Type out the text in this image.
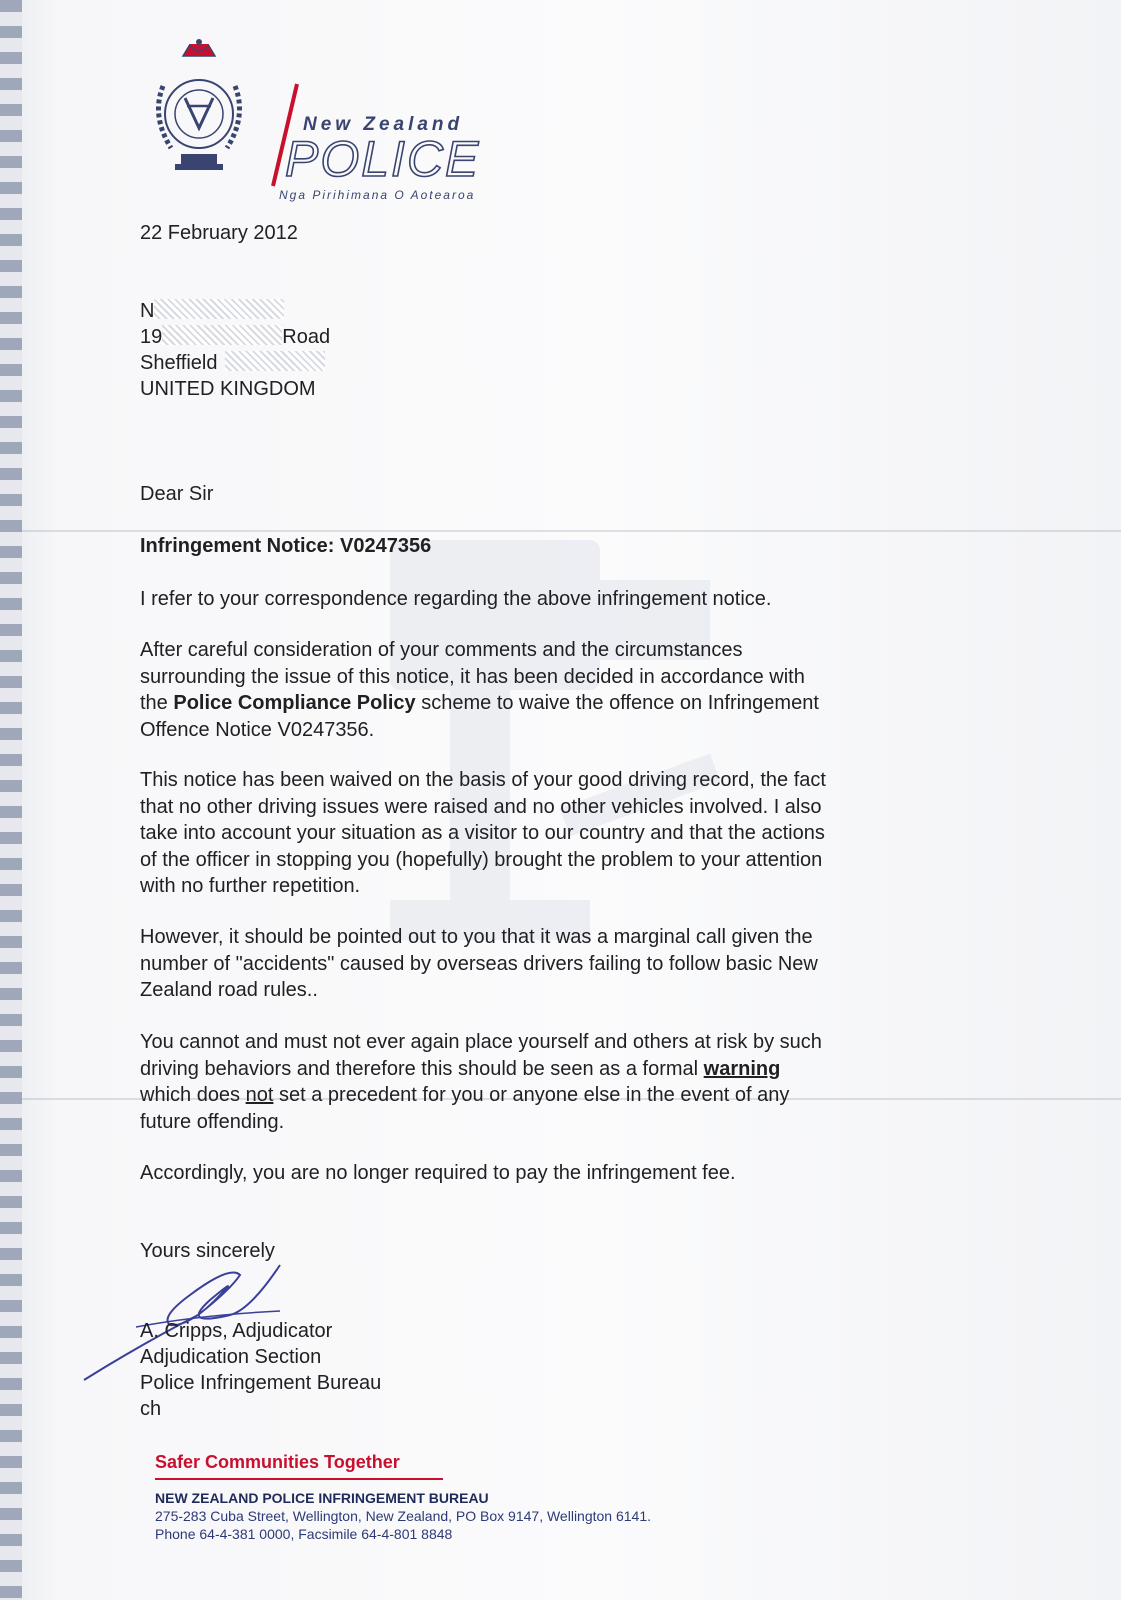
New Zealand
POLICE
Nga Pirihimana O Aotearoa
22 February 2012
N
19	Road
Sheffield
UNITED KINGDOM
Dear Sir
Infringement Notice: V0247356
I refer to your correspondence regarding the above infringement notice.
After careful consideration of your comments and the circumstances
surrounding the issue of this notice, it has been decided in accordance with
the Police Compliance Policy scheme to waive the offence on Infringement
Offence Notice V0247356.
This notice has been waived on the basis of your good driving record, the fact
that no other driving issues were raised and no other vehicles involved. I also
take into account your situation as a visitor to our country and that the actions
of the officer in stopping you (hopefully) brought the problem to your attention
with no further repetition.
However, it should be pointed out to you that it was a marginal call given the
number of "accidents" caused by overseas drivers failing to follow basic New
Zealand road rules..
You cannot and must not ever again place yourself and others at risk by such
driving behaviors and therefore this should be seen as a formal warning
which does not set a precedent for you or anyone else in the event of any
future offending.
Accordingly, you are no longer required to pay the infringement fee.
Yours sincerely
A. Cripps, Adjudicator
Adjudication Section
Police Infringement Bureau
ch
Safer Communities Together
NEW ZEALAND POLICE INFRINGEMENT BUREAU
275-283 Cuba Street, Wellington, New Zealand, PO Box 9147, Wellington 6141.
Phone 64-4-381 0000, Facsimile 64-4-801 8848
